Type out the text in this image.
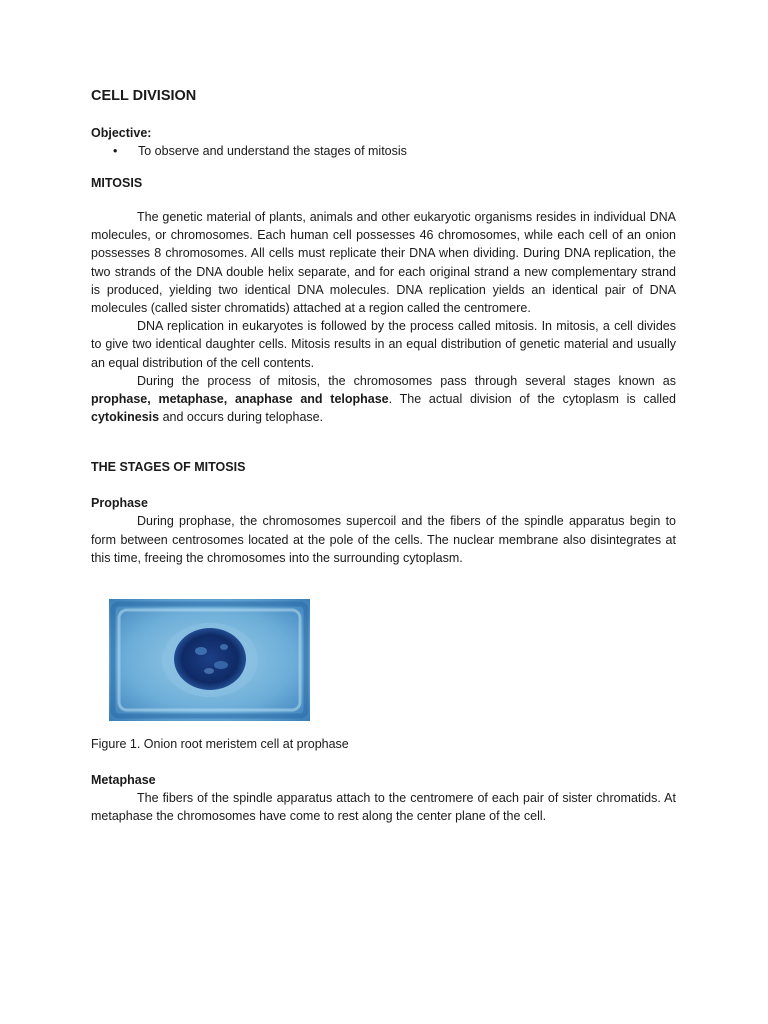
CELL DIVISION
Objective:
•	To observe and understand the stages of mitosis
MITOSIS

The genetic material of plants, animals and other eukaryotic organisms resides in individual DNA molecules, or chromosomes. Each human cell possesses 46 chromosomes, while each cell of an onion possesses 8 chromosomes. All cells must replicate their DNA when dividing. During DNA replication, the two strands of the DNA double helix separate, and for each original strand a new complementary strand is produced, yielding two identical DNA molecules. DNA replication yields an identical pair of DNA molecules (called sister chromatids) attached at a region called the centromere.

DNA replication in eukaryotes is followed by the process called mitosis. In mitosis, a cell divides to give two identical daughter cells. Mitosis results in an equal distribution of genetic material and usually an equal distribution of the cell contents.

During the process of mitosis, the chromosomes pass through several stages known as prophase, metaphase, anaphase and telophase. The actual division of the cytoplasm is called cytokinesis and occurs during telophase.

THE STAGES OF MITOSIS
Prophase

During prophase, the chromosomes supercoil and the fibers of the spindle apparatus begin to form between centrosomes located at the pole of the cells. The nuclear membrane also disintegrates at this time, freeing the chromosomes into the surrounding cytoplasm.

Figure 1. Onion root meristem cell at prophase
Metaphase

The fibers of the spindle apparatus attach to the centromere of each pair of sister chromatids. At metaphase the chromosomes have come to rest along the center plane of the cell.
